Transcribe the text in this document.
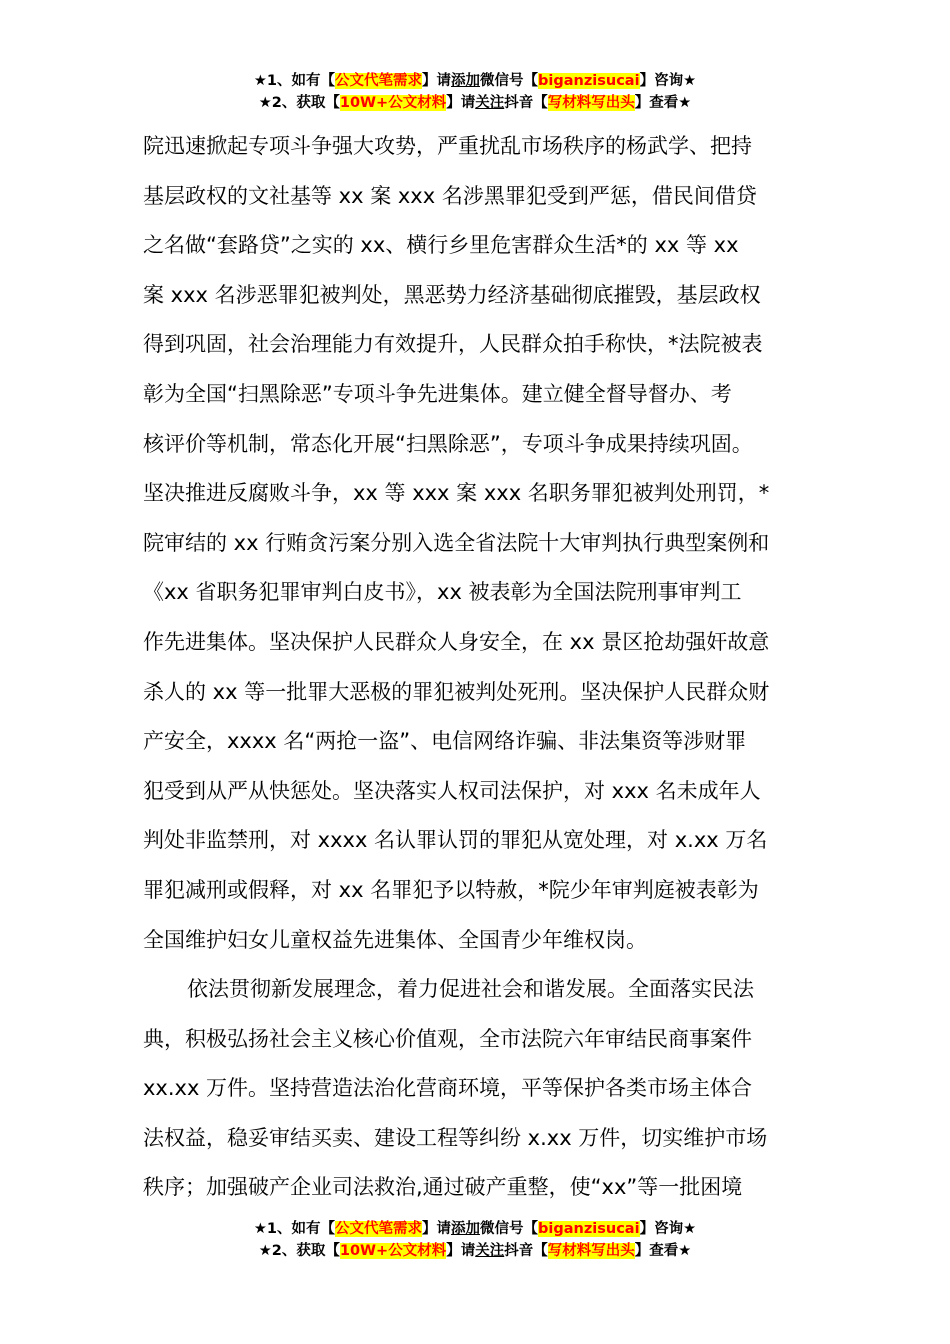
★1、如有【公文代笔需求】请添加微信号【biganzisucai】咨询★
★2、获取【10W+公文材料】请关注抖音【写材料写出头】查看★
院迅速掀起专项斗争强大攻势，严重扰乱市场秩序的杨武学、把持
基层政权的文社基等 xx 案 xxx 名涉黑罪犯受到严惩，借民间借贷
之名做“套路贷”之实的 xx、横行乡里危害群众生活*的 xx 等 xx
案 xxx 名涉恶罪犯被判处，黑恶势力经济基础彻底摧毁，基层政权
得到巩固，社会治理能力有效提升，人民群众拍手称快，*法院被表
彰为全国“扫黑除恶”专项斗争先进集体。建立健全督导督办、考
核评价等机制，常态化开展“扫黑除恶”，专项斗争成果持续巩固。
坚决推进反腐败斗争，xx 等 xxx 案 xxx 名职务罪犯被判处刑罚，*
院审结的 xx 行贿贪污案分别入选全省法院十大审判执行典型案例和
《xx 省职务犯罪审判白皮书》，xx 被表彰为全国法院刑事审判工
作先进集体。坚决保护人民群众人身安全，在 xx 景区抢劫强奸故意
杀人的 xx 等一批罪大恶极的罪犯被判处死刑。坚决保护人民群众财
产安全，xxxx 名“两抢一盗”、电信网络诈骗、非法集资等涉财罪
犯受到从严从快惩处。坚决落实人权司法保护，对 xxx 名未成年人
判处非监禁刑，对 xxxx 名认罪认罚的罪犯从宽处理，对 x.xx 万名
罪犯减刑或假释，对 xx 名罪犯予以特赦，*院少年审判庭被表彰为
全国维护妇女儿童权益先进集体、全国青少年维权岗。
依法贯彻新发展理念，着力促进社会和谐发展。全面落实民法
典，积极弘扬社会主义核心价值观，全市法院六年审结民商事案件
xx.xx 万件。坚持营造法治化营商环境，平等保护各类市场主体合
法权益，稳妥审结买卖、建设工程等纠纷 x.xx 万件，切实维护市场
秩序；加强破产企业司法救治,通过破产重整，使“xx”等一批困境
★1、如有【公文代笔需求】请添加微信号【biganzisucai】咨询★
★2、获取【10W+公文材料】请关注抖音【写材料写出头】查看★
